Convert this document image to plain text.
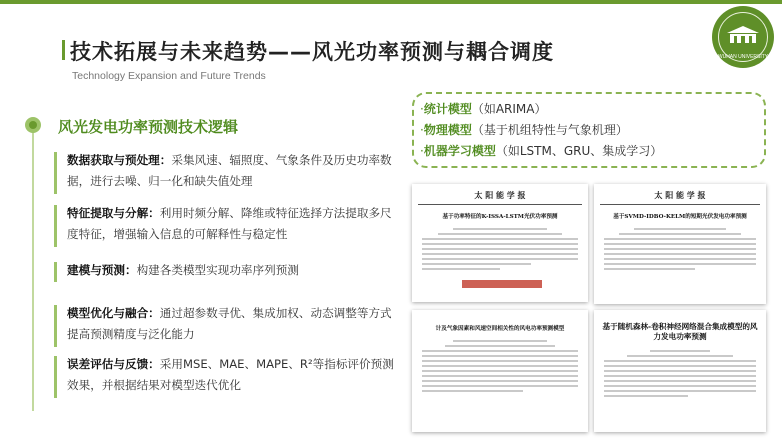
技术拓展与未来趋势——风光功率预测与耦合调度
Technology Expansion and Future Trends
WUHAN UNIVERSITY
风光发电功率预测技术逻辑
数据获取与预处理：采集风速、辐照度、气象条件及历史功率数据，进行去噪、归一化和缺失值处理
特征提取与分解：利用时频分解、降维或特征选择方法提取多尺度特征，增强输入信息的可解释性与稳定性
建模与预测：构建各类模型实现功率序列预测
模型优化与融合：通过超参数寻优、集成加权、动态调整等方式提高预测精度与泛化能力
误差评估与反馈：采用MSE、MAE、MAPE、R²等指标评价预测效果，并根据结果对模型迭代优化
·统计模型（如ARIMA）
·物理模型（基于机组特性与气象机理）
·机器学习模型（如LSTM、GRU、集成学习）
太 阳 能 学 报
基于功率特征的K-ISSA-LSTM光伏功率预测
太 阳 能 学 报
基于SVMD-IDBO-KELM的短期光伏发电功率预测
计及气象因素和风速空间相关性的风电功率预测模型	基于随机森林-卷积神经网络混合集成模型的风力发电功率预测
